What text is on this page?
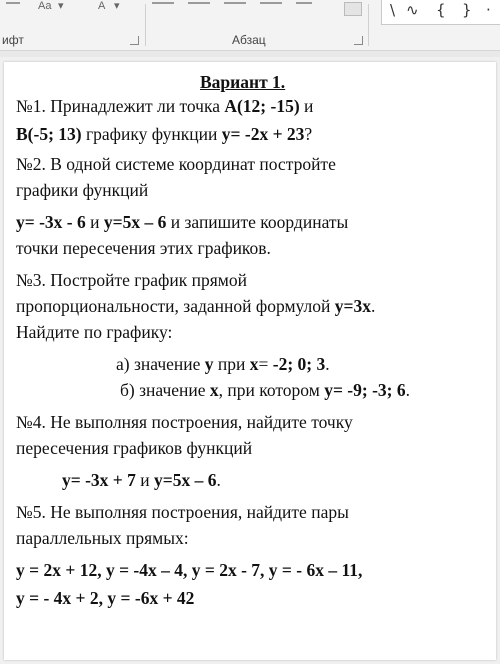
Aa ▾	A ▾
ифт	Абзац
\ ∿ { } ·
Вариант 1.
№1. Принадлежит ли точка А(12; -15) и
В(-5; 13) графику функции у= -2х + 23?
№2. В одной системе координат постройте
графики функций
у= -3х - 6 и у=5х – 6 и запишите координаты
точки пересечения этих графиков.
№3. Постройте график прямой
пропорциональности, заданной формулой у=3х.
Найдите по графику:
а) значение у при х= -2; 0; 3.
б) значение х, при котором у= -9; -3; 6.
№4. Не выполняя построения, найдите точку
пересечения графиков функций
у= -3х + 7 и у=5х – 6.
№5. Не выполняя построения, найдите пары
параллельных прямых:
у = 2х + 12, у = -4х – 4, у = 2х - 7, у = - 6х – 11,
у = - 4х + 2, у = -6х + 42
